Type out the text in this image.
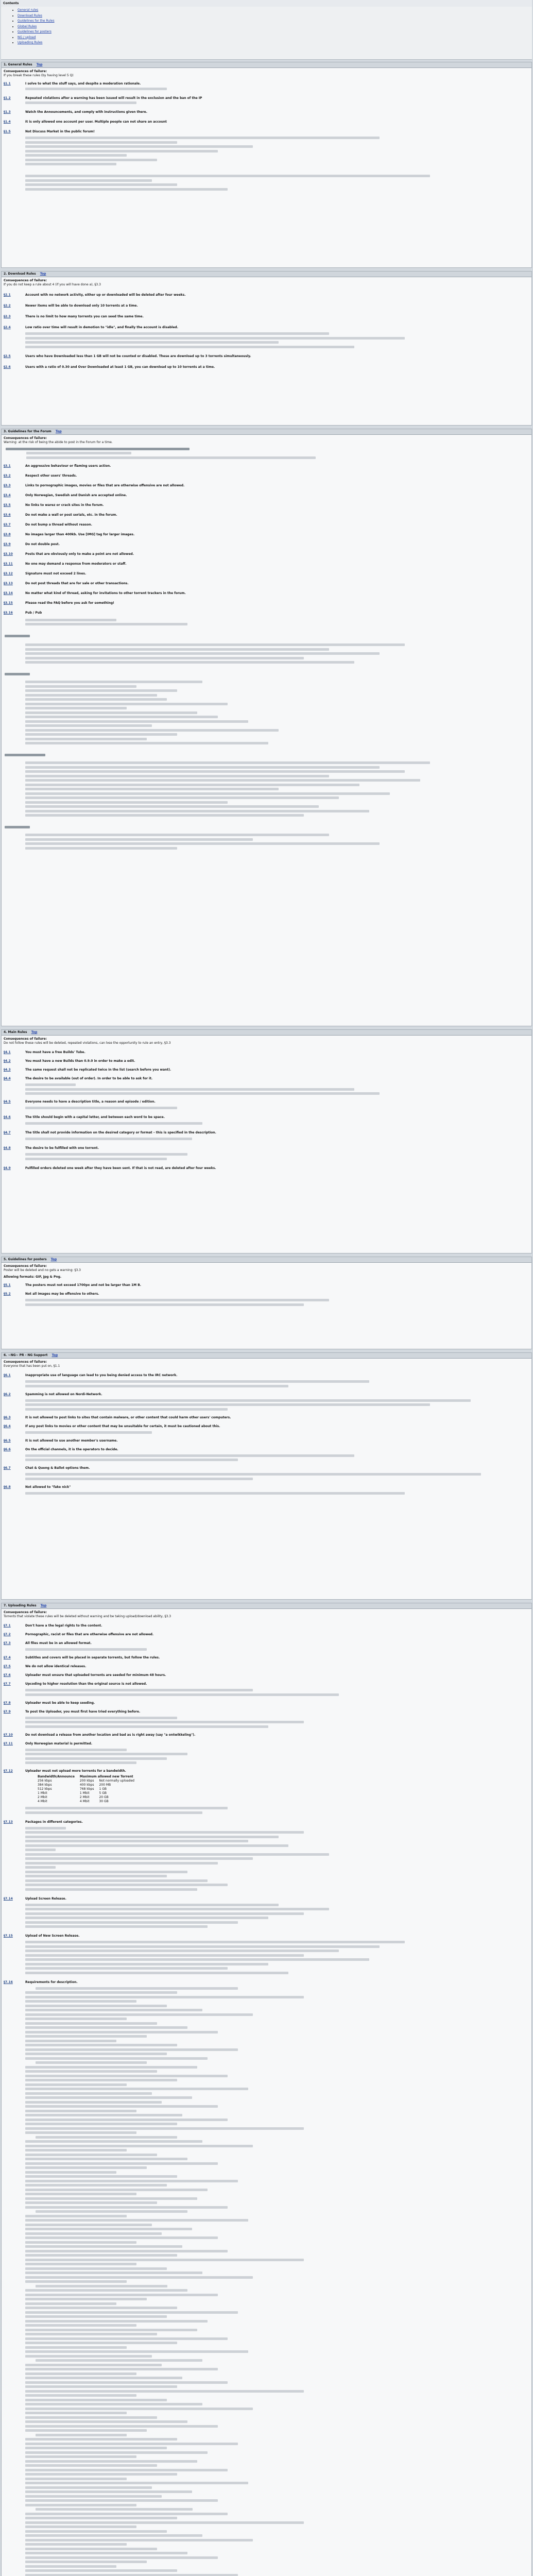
Contents
• General rules
• Download Rules
• Guidelines for the Rules
• Global Rules
• Guidelines for posters
• NG / upload
• Uploading Rules
1. General Rules Top
Consequences of failure:
If you break these rules (by having level 5 Q)
§1.1	I solve to what the stuff says, and despite a moderation rationale.
§1.2	Repeated violations after a warning has been issued will result in the exclusion and the ban of the IP
§1.3	Watch the Announcements, and comply with instructions given there.
§1.4	It is only allowed one account per user. Multiple people can not share an account
§1.5	Not Discuss Market in the public forum!
2. Download Rules Top
Consequences of failure:
If you do not keep a rule about 4 (if you will have done a), §3.3
§2.1	Account with no network activity, either up or downloaded will be deleted after four weeks.
§2.2	Newer items will be able to download only 10 torrents at a time.
§2.3	There is no limit to how many torrents you can seed the same time.
§2.4	Low ratio over time will result in demotion to "idle", and finally the account is disabled.
§2.5	Users who have Downloaded less than 1 GB will not be counted or disabled. These are download up to 3 torrents simultaneously.
§2.6	Users with a ratio of 0.30 and Over Downloaded at least 1 GB, you can download up to 10 torrents at a time.
3. Guidelines for the Forum Top
Consequences of failure:
Warning: at the risk of being the abide to post in the Forum for a time.
§3.1	An aggressive behaviour or flaming users action.
§3.2	Respect other users' threads.
§3.3	Links to pornographic images, movies or files that are otherwise offensive are not allowed.
§3.4	Only Norwegian, Swedish and Danish are accepted online.
§3.5	No links to warez or crack sites in the forum.
§3.6	Do not make a wall or post serials, etc. in the forum.
§3.7	Do not bump a thread without reason.
§3.8	No images larger than 400kb. Use [IMG] tag for larger images.
§3.9	Do not double post.
§3.10	Posts that are obviously only to make a point are not allowed.
§3.11	No one may demand a response from moderators or staff.
§3.12	Signature must not exceed 2 lines.
§3.13	Do not post threads that are for sale or other transactions.
§3.14	No matter what kind of thread, asking for invitations to other torrent trackers in the forum.
§3.15	Please read the FAQ before you ask for something!
§3.16	Pub / Pub
4. Main Rules Top
Consequences of failure:
Do not follow these rules will be deleted, repeated violations, can lose the opportunity to rule an entry, §3.3
§4.1	You must have a free Builds' Tube.
§4.2	You must have a new Builds than 0.9.0 in order to make a edit.
§4.3	The same request shall not be replicated twice in the list (search before you want).
§4.4	The desire to be available (out of order). In order to be able to ask for it.
§4.5	Everyone needs to have a description title, a reason and episode / edition.
§4.6	The title should begin with a capital letter, and between each word to be space.
§4.7	The title shall not provide information on the desired category or format – this is specified in the description.
§4.8	The desire to be fulfilled with one torrent.
§4.9	Fulfilled orders deleted one week after they have been sent. If that is not read, are deleted after four weeks.
5. Guidelines for posters Top
Consequences of failure:
Poster will be deleted and no gets a warning: §3.3
Allowing formats: GIF, Jpg & Png.
§5.1	The posters must not exceed 1700px and not be larger than 1M B.
§5.2	Not all images may be offensive to others.
6. ~NG~ PR - NG Support Top
Consequences of failure:
Everyone that has been put on, §1.1
§6.1	Inappropriate use of language can lead to you being denied access to the IRC network.
§6.2	Spamming is not allowed on Nordi-Network.
§6.3	It is not allowed to post links to sites that contain malware, or other content that could harm other users' computers.
§6.4	If any post links to movies or other content that may be unsuitable for certain, it must be cautioned about this.
§6.5	It is not allowed to use another member's username.
§6.6	On the official channels, it is the operators to decide.
§6.7	Chat & Queng & Ballot options them.
§6.8	Not allowed to "fake nick"
7. Uploading Rules Top
Consequences of failure:
Torrents that violate these rules will be deleted without warning and be taking upload/download ability, §3.3
§7.1	Don't have a the legal rights to the content.
§7.2	Pornographic, racist or files that are otherwise offensive are not allowed.
§7.3	All files must be in an allowed format.
§7.4	Subtitles and covers will be placed in separate torrents, but follow the rules.
§7.5	We do not allow identical releases.
§7.6	Uploader must ensure that uploaded torrents are seeded for minimum 48 hours.
§7.7	Upcoding to higher resolution than the original source is not allowed.
§7.8	Uploader must be able to keep seeding.
§7.9	To post the Uploader, you must first have tried everything before.
§7.10	Do not download a release from another location and bad as is right away (say "a ontwikkeling").
§7.11	Only Norwegian material is permitted.
§7.12	Uploader must not upload more torrents for a bandwidth.
Bandwidth/Announce	Maximum allowed new Torrent	
256 kbps	200 kbps	Not normally uploaded
384 kbps	400 kbps	200 MB
512 kbps	768 kbps	1 GB
1 Mbit	1 Mbit	5 GB
2 Mbit	2 Mbit	20 GB
4 Mbit	4 Mbit	30 GB
§7.13	Packages in different categories.
§7.14	Upload Screen Release.
§7.15	Upload of New Screen Release.
§7.16	Requirements for description.
